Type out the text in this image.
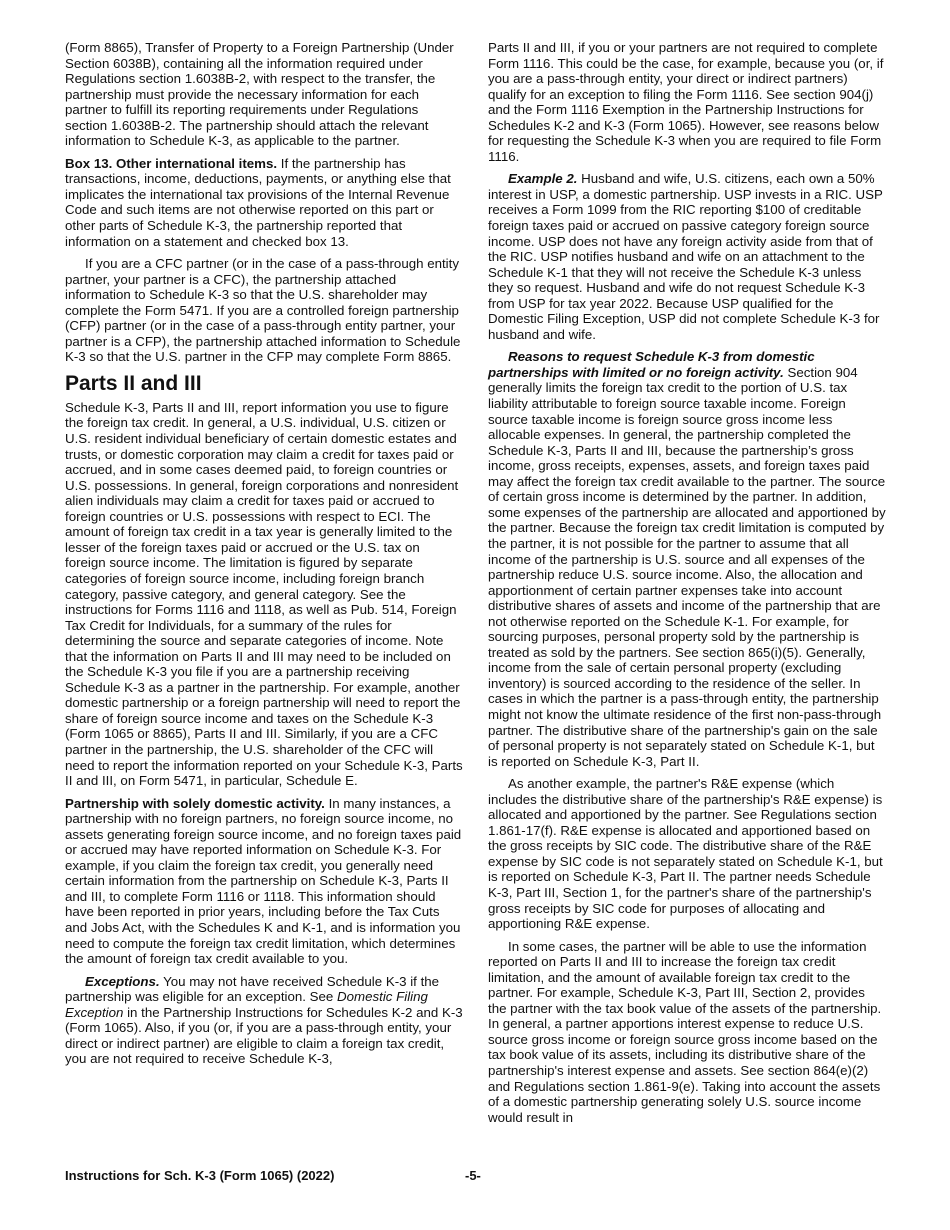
(Form 8865), Transfer of Property to a Foreign Partnership (Under Section 6038B), containing all the information required under Regulations section 1.6038B-2, with respect to the transfer, the partnership must provide the necessary information for each partner to fulfill its reporting requirements under Regulations section 1.6038B-2. The partnership should attach the relevant information to Schedule K-3, as applicable to the partner.

Box 13. Other international items. If the partnership has transactions, income, deductions, payments, or anything else that implicates the international tax provisions of the Internal Revenue Code and such items are not otherwise reported on this part or other parts of Schedule K-3, the partnership reported that information on a statement and checked box 13.

If you are a CFC partner (or in the case of a pass-through entity partner, your partner is a CFC), the partnership attached information to Schedule K-3 so that the U.S. shareholder may complete the Form 5471. If you are a controlled foreign partnership (CFP) partner (or in the case of a pass-through entity partner, your partner is a CFP), the partnership attached information to Schedule K-3 so that the U.S. partner in the CFP may complete Form 8865.

Parts II and III

Schedule K-3, Parts II and III, report information you use to figure the foreign tax credit. In general, a U.S. individual, U.S. citizen or U.S. resident individual beneficiary of certain domestic estates and trusts, or domestic corporation may claim a credit for taxes paid or accrued, and in some cases deemed paid, to foreign countries or U.S. possessions. In general, foreign corporations and nonresident alien individuals may claim a credit for taxes paid or accrued to foreign countries or U.S. possessions with respect to ECI. The amount of foreign tax credit in a tax year is generally limited to the lesser of the foreign taxes paid or accrued or the U.S. tax on foreign source income. The limitation is figured by separate categories of foreign source income, including foreign branch category, passive category, and general category. See the instructions for Forms 1116 and 1118, as well as Pub. 514, Foreign Tax Credit for Individuals, for a summary of the rules for determining the source and separate categories of income. Note that the information on Parts II and III may need to be included on the Schedule K-3 you file if you are a partnership receiving Schedule K-3 as a partner in the partnership. For example, another domestic partnership or a foreign partnership will need to report the share of foreign source income and taxes on the Schedule K-3 (Form 1065 or 8865), Parts II and III. Similarly, if you are a CFC partner in the partnership, the U.S. shareholder of the CFC will need to report the information reported on your Schedule K-3, Parts II and III, on Form 5471, in particular, Schedule E.

Partnership with solely domestic activity. In many instances, a partnership with no foreign partners, no foreign source income, no assets generating foreign source income, and no foreign taxes paid or accrued may have reported information on Schedule K-3. For example, if you claim the foreign tax credit, you generally need certain information from the partnership on Schedule K-3, Parts II and III, to complete Form 1116 or 1118. This information should have been reported in prior years, including before the Tax Cuts and Jobs Act, with the Schedules K and K-1, and is information you need to compute the foreign tax credit limitation, which determines the amount of foreign tax credit available to you.

Exceptions. You may not have received Schedule K-3 if the partnership was eligible for an exception. See Domestic Filing Exception in the Partnership Instructions for Schedules K-2 and K-3 (Form 1065). Also, if you (or, if you are a pass-through entity, your direct or indirect partner) are eligible to claim a foreign tax credit, you are not required to receive Schedule K-3,

Parts II and III, if you or your partners are not required to complete Form 1116. This could be the case, for example, because you (or, if you are a pass-through entity, your direct or indirect partners) qualify for an exception to filing the Form 1116. See section 904(j) and the Form 1116 Exemption in the Partnership Instructions for Schedules K-2 and K-3 (Form 1065). However, see reasons below for requesting the Schedule K-3 when you are required to file Form 1116.

Example 2. Husband and wife, U.S. citizens, each own a 50% interest in USP, a domestic partnership. USP invests in a RIC. USP receives a Form 1099 from the RIC reporting $100 of creditable foreign taxes paid or accrued on passive category foreign source income. USP does not have any foreign activity aside from that of the RIC. USP notifies husband and wife on an attachment to the Schedule K-1 that they will not receive the Schedule K-3 unless they so request. Husband and wife do not request Schedule K-3 from USP for tax year 2022. Because USP qualified for the Domestic Filing Exception, USP did not complete Schedule K-3 for husband and wife.

Reasons to request Schedule K-3 from domestic partnerships with limited or no foreign activity. Section 904 generally limits the foreign tax credit to the portion of U.S. tax liability attributable to foreign source taxable income. Foreign source taxable income is foreign source gross income less allocable expenses. In general, the partnership completed the Schedule K-3, Parts II and III, because the partnership’s gross income, gross receipts, expenses, assets, and foreign taxes paid may affect the foreign tax credit available to the partner. The source of certain gross income is determined by the partner. In addition, some expenses of the partnership are allocated and apportioned by the partner. Because the foreign tax credit limitation is computed by the partner, it is not possible for the partner to assume that all income of the partnership is U.S. source and all expenses of the partnership reduce U.S. source income. Also, the allocation and apportionment of certain partner expenses take into account distributive shares of assets and income of the partnership that are not otherwise reported on the Schedule K-1. For example, for sourcing purposes, personal property sold by the partnership is treated as sold by the partners. See section 865(i)(5). Generally, income from the sale of certain personal property (excluding inventory) is sourced according to the residence of the seller. In cases in which the partner is a pass-through entity, the partnership might not know the ultimate residence of the first non-pass-through partner. The distributive share of the partnership's gain on the sale of personal property is not separately stated on Schedule K-1, but is reported on Schedule K-3, Part II.

As another example, the partner's R&E expense (which includes the distributive share of the partnership's R&E expense) is allocated and apportioned by the partner. See Regulations section 1.861-17(f). R&E expense is allocated and apportioned based on the gross receipts by SIC code. The distributive share of the R&E expense by SIC code is not separately stated on Schedule K-1, but is reported on Schedule K-3, Part II. The partner needs Schedule K-3, Part III, Section 1, for the partner's share of the partnership's gross receipts by SIC code for purposes of allocating and apportioning R&E expense.

In some cases, the partner will be able to use the information reported on Parts II and III to increase the foreign tax credit limitation, and the amount of available foreign tax credit to the partner. For example, Schedule K-3, Part III, Section 2, provides the partner with the tax book value of the assets of the partnership. In general, a partner apportions interest expense to reduce U.S. source gross income or foreign source gross income based on the tax book value of its assets, including its distributive share of the partnership's interest expense and assets. See section 864(e)(2) and Regulations section 1.861-9(e). Taking into account the assets of a domestic partnership generating solely U.S. source income would result in

Instructions for Sch. K-3 (Form 1065) (2022)	-5-
